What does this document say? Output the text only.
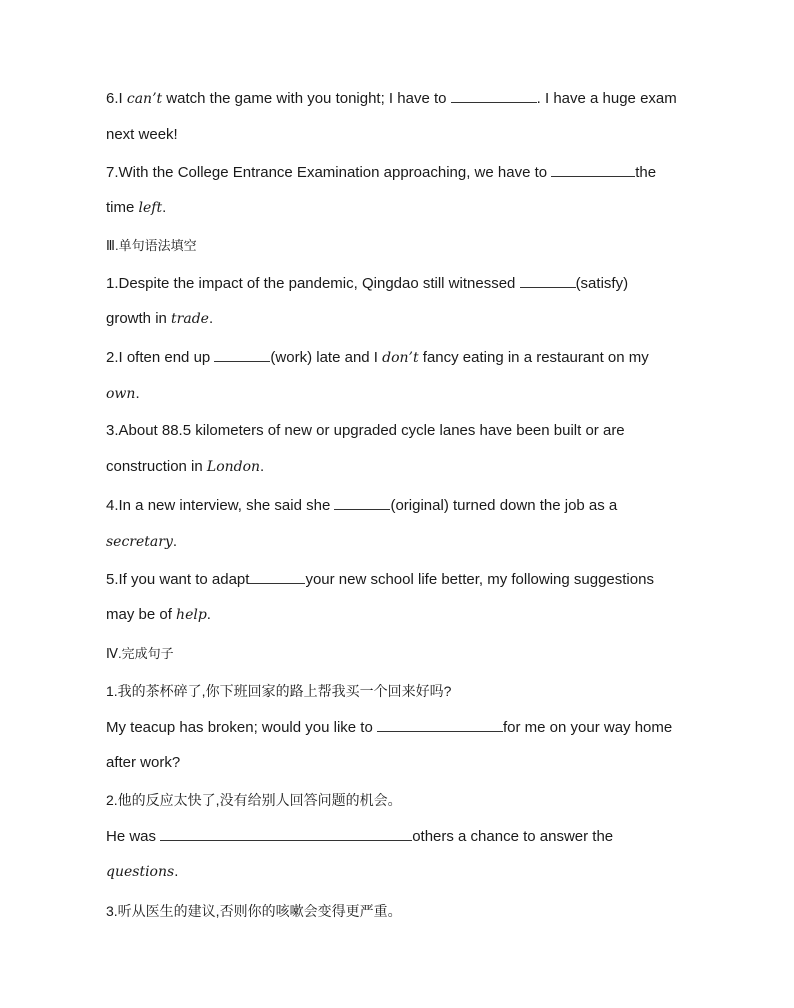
6.I can’t watch the game with you tonight; I have to	. I have a huge exam
next week!
7.With the College Entrance Examination approaching, we have to	the
time left.
Ⅲ.单句语法填空
1.Despite the impact of the pandemic, Qingdao still witnessed	(satisfy)
growth in trade.
2.I often end up	(work) late and I don’t fancy eating in a restaurant on my
own.
3.About 88.5 kilometers of new or upgraded cycle lanes have been built or are
construction in London.
4.In a new interview, she said she	(original) turned down the job as a
secretary.
5.If you want to adapt	your new school life better, my following suggestions
may be of help.
Ⅳ.完成句子
1.我的茶杯碎了,你下班回家的路上帮我买一个回来好吗?
My teacup has broken; would you like to	for me on your way home
after work?
2.他的反应太快了,没有给别人回答问题的机会。
He was	others a chance to answer the
questions.
3.听从医生的建议,否则你的咳嗽会变得更严重。
